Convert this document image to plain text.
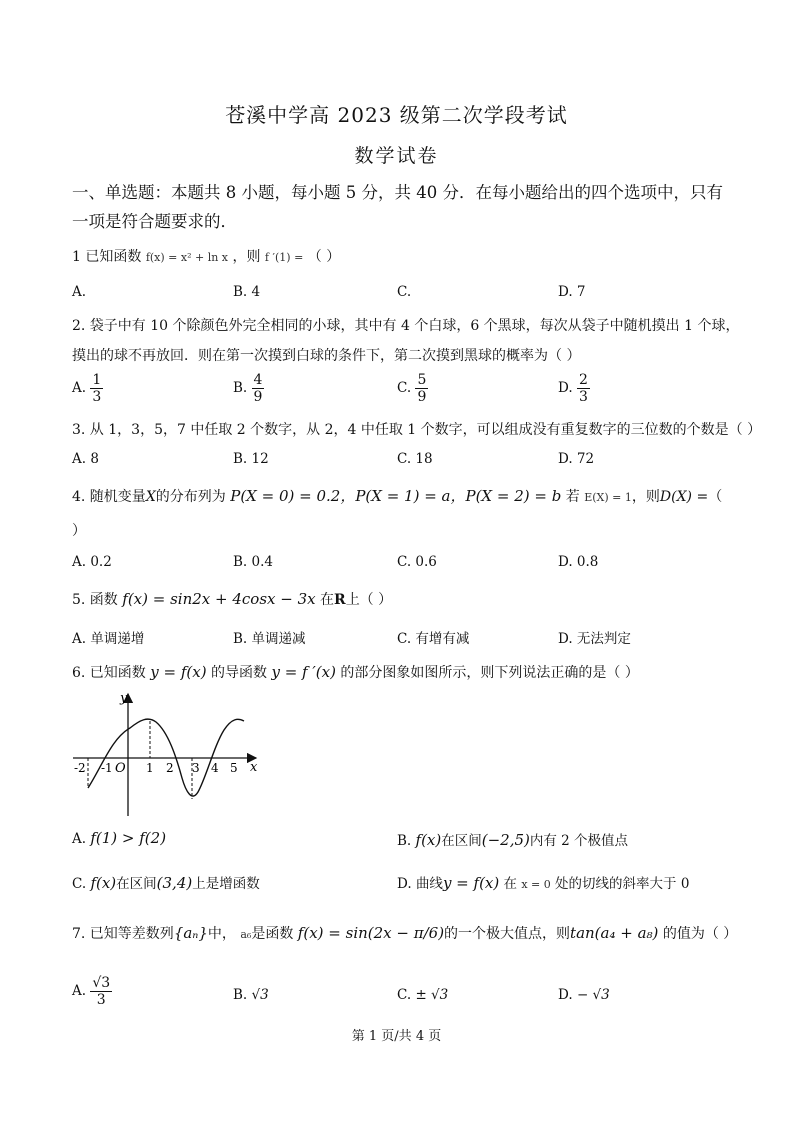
苍溪中学高 2023 级第二次学段考试
数学试卷
一、单选题：本题共 8 小题，每小题 5 分，共 40 分．在每小题给出的四个选项中，只有一项是符合题要求的．
1 已知函数 f(x) = x² + ln x ，则 f ′(1) = （ ）
A.	B. 4	C.	D. 7
2. 袋子中有 10 个除颜色外完全相同的小球，其中有 4 个白球，6 个黑球，每次从袋子中随机摸出 1 个球，
摸出的球不再放回．则在第一次摸到白球的条件下，第二次摸到黑球的概率为（ ）
A. $\frac{1}{3}$	B. $\frac{4}{9}$	C. $\frac{5}{9}$	D. $\frac{2}{3}$
3. 从 1，3，5，7 中任取 2 个数字，从 2，4 中任取 1 个数字，可以组成没有重复数字的三位数的个数是（ ）
A. 8	B. 12	C. 18	D. 72
4. 随机变量X的分布列为 P(X = 0) = 0.2，P(X = 1) = a，P(X = 2) = b 若 E(X) = 1，则D(X) =（
）
A. 0.2	B. 0.4	C. 0.6	D. 0.8
5. 函数 f(x) = sin2x + 4cosx − 3x 在R上（ ）
A. 单调递增	B. 单调递减	C. 有增有减	D. 无法判定
6. 已知函数 y = f(x) 的导函数 y = f ′(x) 的部分图象如图所示，则下列说法正确的是（ ）
y
x
O
-2 -1	1 2 3 4 5
A. f(1) > f(2)	B. f(x)在区间(−2,5)内有 2 个极值点
C. f(x)在区间(3,4)上是增函数	D. 曲线y = f(x) 在 x = 0 处的切线的斜率大于 0
7. 已知等差数列{aₙ}中， a₆是函数 f(x) = sin(2x − π/6)的一个极大值点，则tan(a₄ + a₈) 的值为（ ）
A. $\frac{√3}{3}$	B. √3	C. ± √3	D. − √3
第 1 页/共 4 页
